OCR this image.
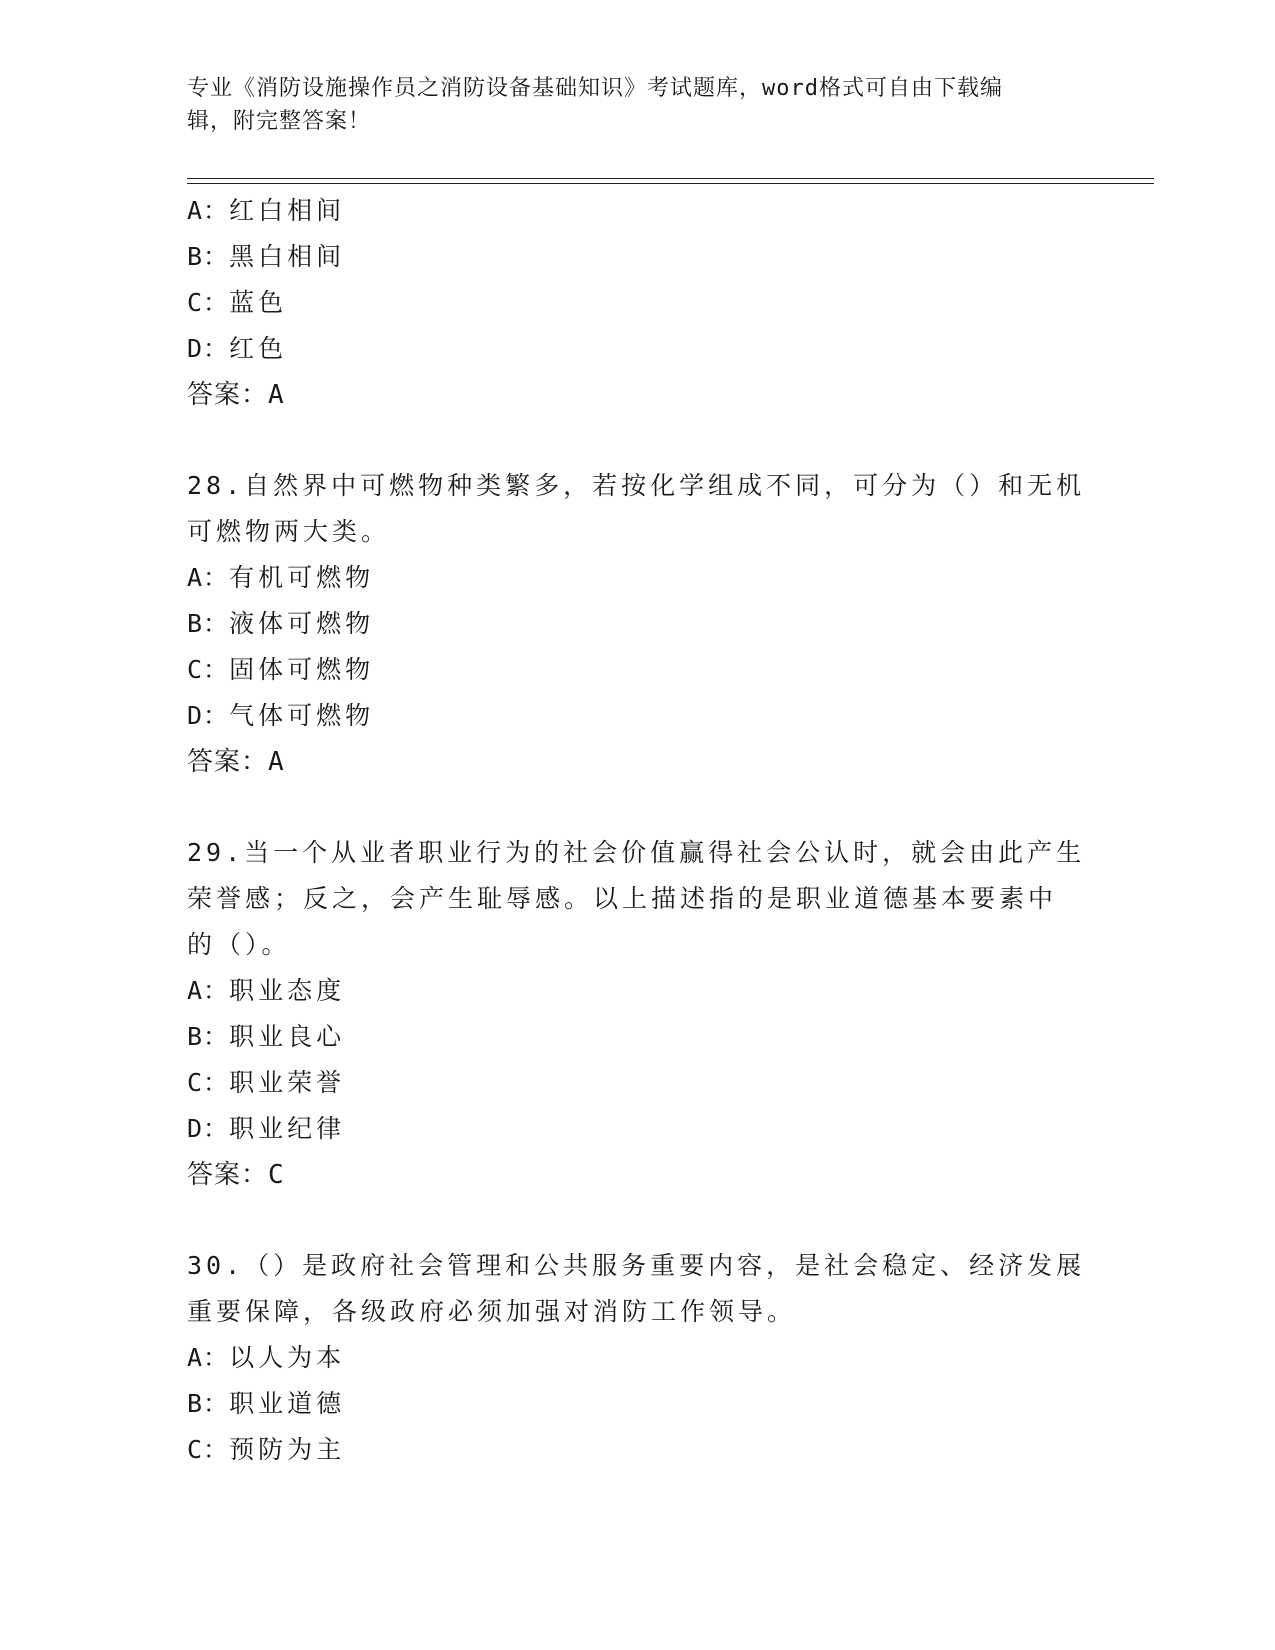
专业《消防设施操作员之消防设备基础知识》考试题库，word格式可自由下载编
辑，附完整答案！
A：红白相间
B：黑白相间
C：蓝色
D：红色
答案：A
28.自然界中可燃物种类繁多，若按化学组成不同，可分为（）和无机
可燃物两大类。
A：有机可燃物
B：液体可燃物
C：固体可燃物
D：气体可燃物
答案：A
29.当一个从业者职业行为的社会价值赢得社会公认时，就会由此产生
荣誉感；反之，会产生耻辱感。以上描述指的是职业道德基本要素中
的（）。
A：职业态度
B：职业良心
C：职业荣誉
D：职业纪律
答案：C
30.（）是政府社会管理和公共服务重要内容，是社会稳定、经济发展
重要保障，各级政府必须加强对消防工作领导。
A：以人为本
B：职业道德
C：预防为主
